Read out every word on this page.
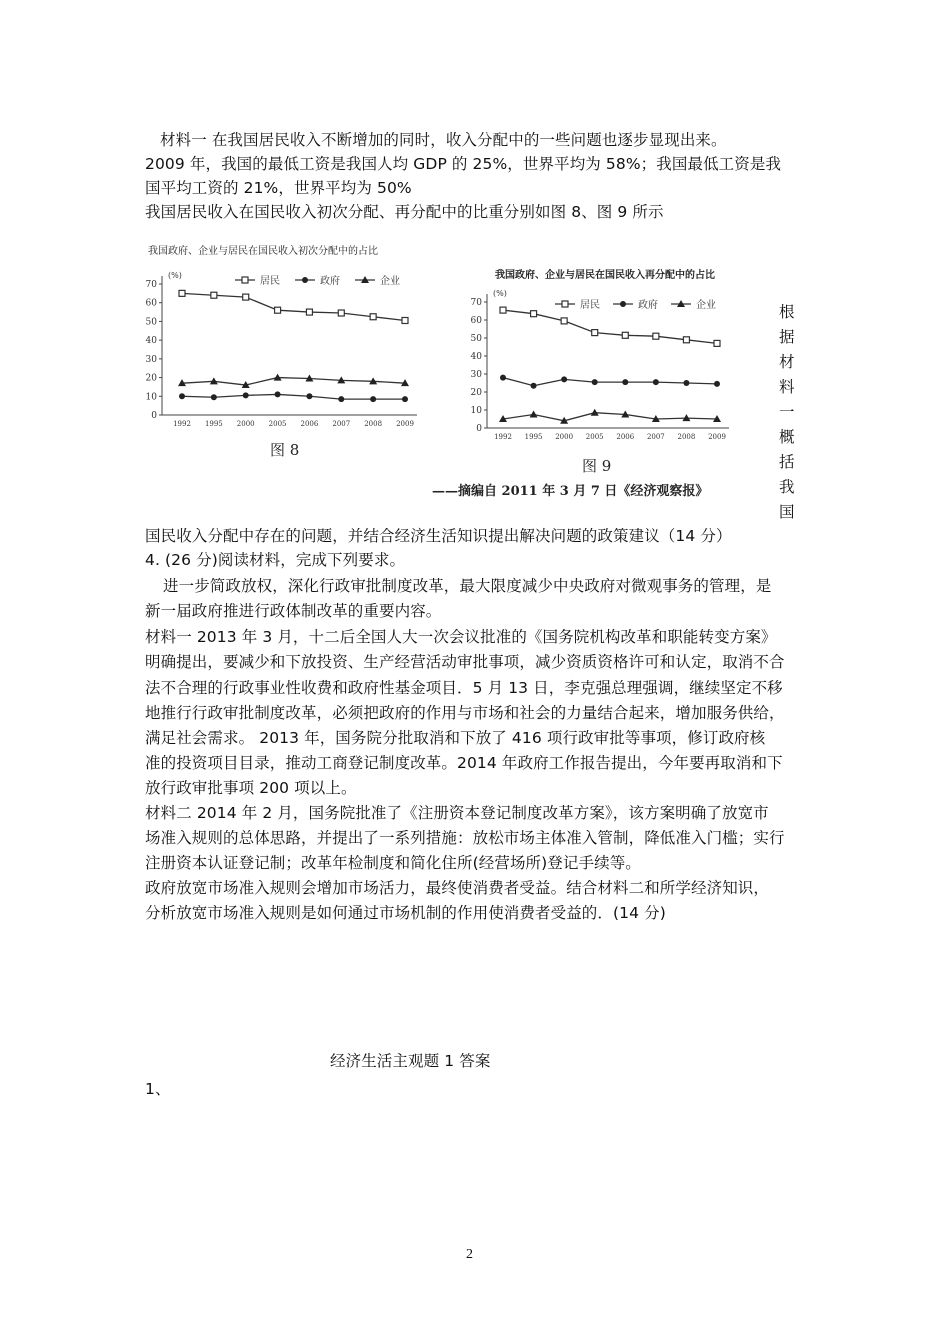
材料一 在我国居民收入不断增加的同时，收入分配中的一些问题也逐步显现出来。
2009 年，我国的最低工资是我国人均 GDP 的 25%，世界平均为 58%；我国最低工资是我
国平均工资的 21%，世界平均为 50%
我国居民收入在国民收入初次分配、再分配中的比重分别如图 8、图 9 所示
我国政府、企业与居民在国民收入初次分配中的占比
0
10
20
30
40
50
60
70
(%)
1992 1995 2000 2005 2006 2007 2008 2009
居民	政府	企业
图 8
我国政府、企业与居民在国民收入再分配中的占比
0
10
20
30
40
50
60
70
(%)
1992 1995 2000 2005 2006 2007 2008 2009
居民	政府	企业
图 9
——摘编自 2011 年 3 月 7 日《经济观察报》
根据材料一概括我国
国民收入分配中存在的问题，并结合经济生活知识提出解决问题的政策建议（14 分）
4. (26 分)阅读材料，完成下列要求。
进一步简政放权，深化行政审批制度改革，最大限度减少中央政府对微观事务的管理，是
新一届政府推进行政体制改革的重要内容。
材料一 2013 年 3 月，十二后全国人大一次会议批准的《国务院机构改革和职能转变方案》
明确提出，要减少和下放投资、生产经营活动审批事项，减少资质资格许可和认定，取消不合
法不合理的行政事业性收费和政府性基金项目．5 月 13 日，李克强总理强调，继续坚定不移
地推行行政审批制度改革，必须把政府的作用与市场和社会的力量结合起来，增加服务供给，
满足社会需求。 2013 年，国务院分批取消和下放了 416 项行政审批等事项，修订政府核
准的投资项目目录，推动工商登记制度改革。2014 年政府工作报告提出，今年要再取消和下
放行政审批事项 200 项以上。
材料二 2014 年 2 月，国务院批准了《注册资本登记制度改革方案》，该方案明确了放宽市
场准入规则的总体思路，并提出了一系列措施：放松市场主体准入管制，降低准入门槛；实行
注册资本认证登记制；改革年检制度和简化住所(经营场所)登记手续等。
政府放宽市场准入规则会增加市场活力，最终使消费者受益。结合材料二和所学经济知识，
分析放宽市场准入规则是如何通过市场机制的作用使消费者受益的．(14 分)
经济生活主观题 1 答案
1、
2
